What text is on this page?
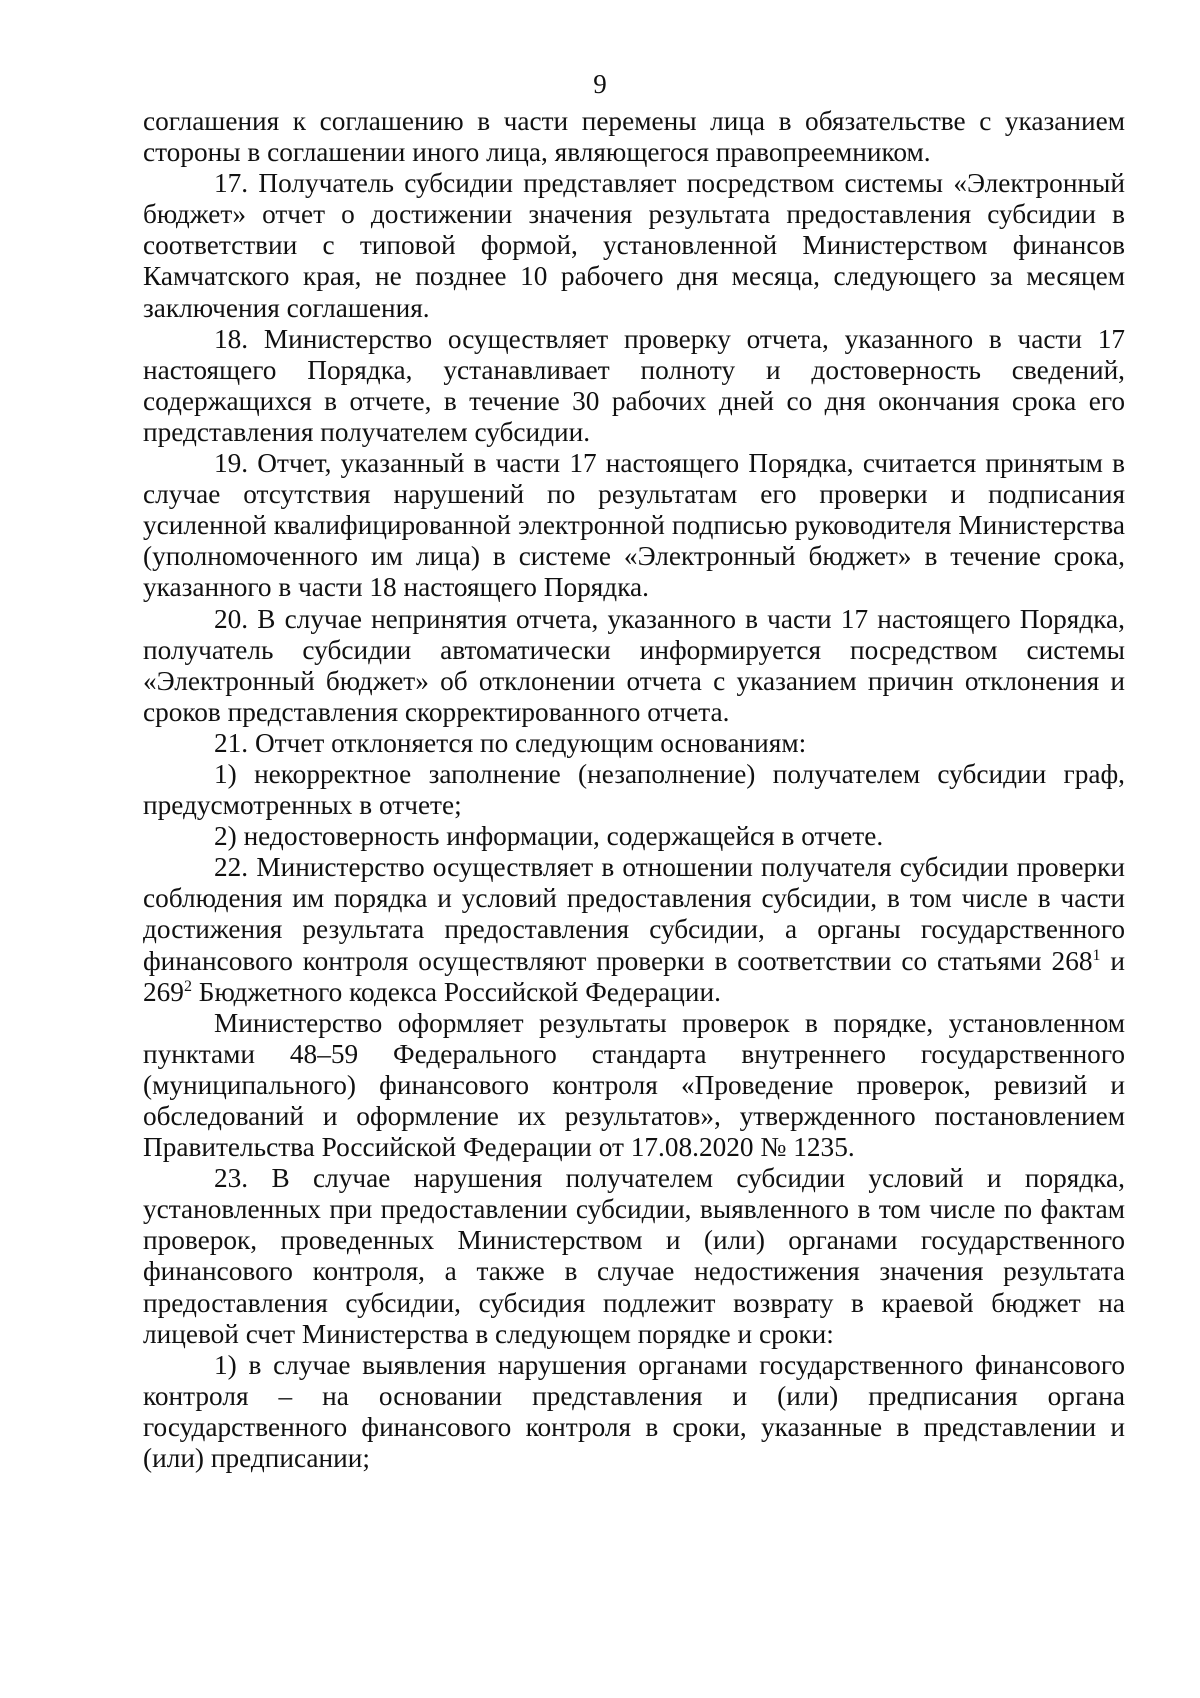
9

соглашения к соглашению в части перемены лица в обязательстве с указанием стороны в соглашении иного лица, являющегося правопреемником.

17. Получатель субсидии представляет посредством системы «Электронный бюджет» отчет о достижении значения результата предоставления субсидии в соответствии с типовой формой, установленной Министерством финансов Камчатского края, не позднее 10 рабочего дня месяца, следующего за месяцем заключения соглашения.

18. Министерство осуществляет проверку отчета, указанного в части 17 настоящего Порядка, устанавливает полноту и достоверность сведений, содержащихся в отчете, в течение 30 рабочих дней со дня окончания срока его представления получателем субсидии.

19. Отчет, указанный в части 17 настоящего Порядка, считается принятым в случае отсутствия нарушений по результатам его проверки и подписания усиленной квалифицированной электронной подписью руководителя Министерства (уполномоченного им лица) в системе «Электронный бюджет» в течение срока, указанного в части 18 настоящего Порядка.

20. В случае непринятия отчета, указанного в части 17 настоящего Порядка, получатель субсидии автоматически информируется посредством системы «Электронный бюджет» об отклонении отчета с указанием причин отклонения и сроков представления скорректированного отчета.

21. Отчет отклоняется по следующим основаниям:

1) некорректное заполнение (незаполнение) получателем субсидии граф, предусмотренных в отчете;

2) недостоверность информации, содержащейся в отчете.

22. Министерство осуществляет в отношении получателя субсидии проверки соблюдения им порядка и условий предоставления субсидии, в том числе в части достижения результата предоставления субсидии, а органы государственного финансового контроля осуществляют проверки в соответствии со статьями $268^1$ и $269^2$ Бюджетного кодекса Российской Федерации.

Министерство оформляет результаты проверок в порядке, установленном пунктами 48–59 Федерального стандарта внутреннего государственного (муниципального) финансового контроля «Проведение проверок, ревизий и обследований и оформление их результатов», утвержденного постановлением Правительства Российской Федерации от 17.08.2020 № 1235.

23. В случае нарушения получателем субсидии условий и порядка, установленных при предоставлении субсидии, выявленного в том числе по фактам проверок, проведенных Министерством и (или) органами государственного финансового контроля, а также в случае недостижения значения результата предоставления субсидии, субсидия подлежит возврату в краевой бюджет на лицевой счет Министерства в следующем порядке и сроки:

1) в случае выявления нарушения органами государственного финансового контроля – на основании представления и (или) предписания органа государственного финансового контроля в сроки, указанные в представлении и (или) предписании;
